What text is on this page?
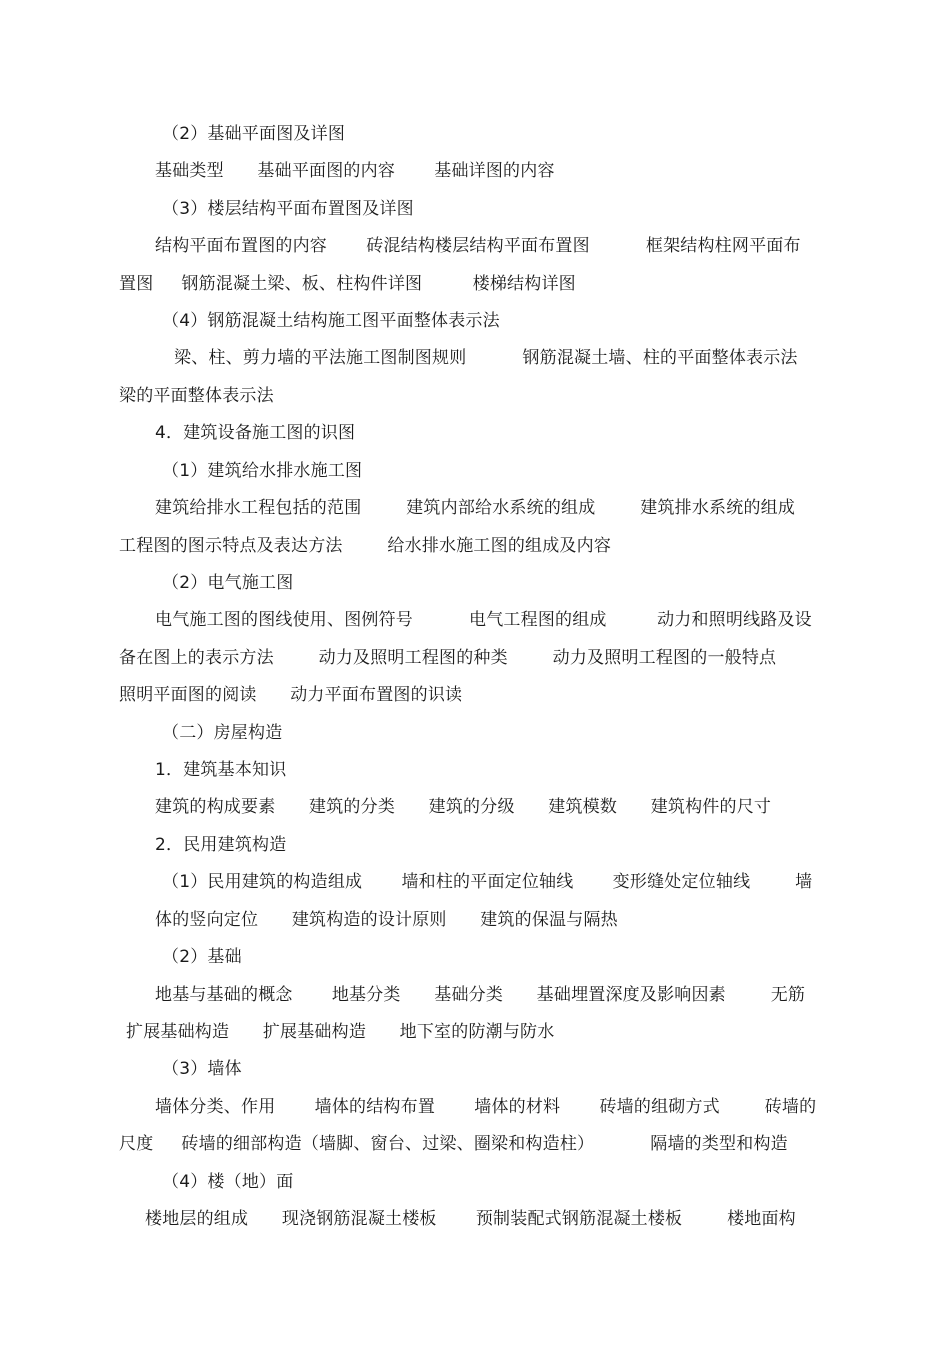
（2）基础平面图及详图
基础类型      基础平面图的内容       基础详图的内容
（3）楼层结构平面布置图及详图
结构平面布置图的内容       砖混结构楼层结构平面布置图          框架结构柱网平面布
置图     钢筋混凝土梁、板、柱构件详图         楼梯结构详图
（4）钢筋混凝土结构施工图平面整体表示法
梁、柱、剪力墙的平法施工图制图规则          钢筋混凝土墙、柱的平面整体表示法
梁的平面整体表示法
4．建筑设备施工图的识图
（1）建筑给水排水施工图
建筑给排水工程包括的范围        建筑内部给水系统的组成        建筑排水系统的组成
工程图的图示特点及表达方法        给水排水施工图的组成及内容
（2）电气施工图
电气施工图的图线使用、图例符号          电气工程图的组成         动力和照明线路及设
备在图上的表示方法        动力及照明工程图的种类        动力及照明工程图的一般特点
照明平面图的阅读      动力平面布置图的识读
（二）房屋构造
1．建筑基本知识
建筑的构成要素      建筑的分类      建筑的分级      建筑模数      建筑构件的尺寸
2．民用建筑构造
（1）民用建筑的构造组成       墙和柱的平面定位轴线       变形缝处定位轴线        墙
体的竖向定位      建筑构造的设计原则      建筑的保温与隔热
（2）基础
地基与基础的概念       地基分类      基础分类      基础埋置深度及影响因素        无筋
扩展基础构造      扩展基础构造      地下室的防潮与防水
（3）墙体
墙体分类、作用       墙体的结构布置       墙体的材料       砖墙的组砌方式        砖墙的
尺度     砖墙的细部构造（墙脚、窗台、过梁、圈梁和构造柱）          隔墙的类型和构造
（4）楼（地）面
楼地层的组成      现浇钢筋混凝土楼板       预制装配式钢筋混凝土楼板        楼地面构
